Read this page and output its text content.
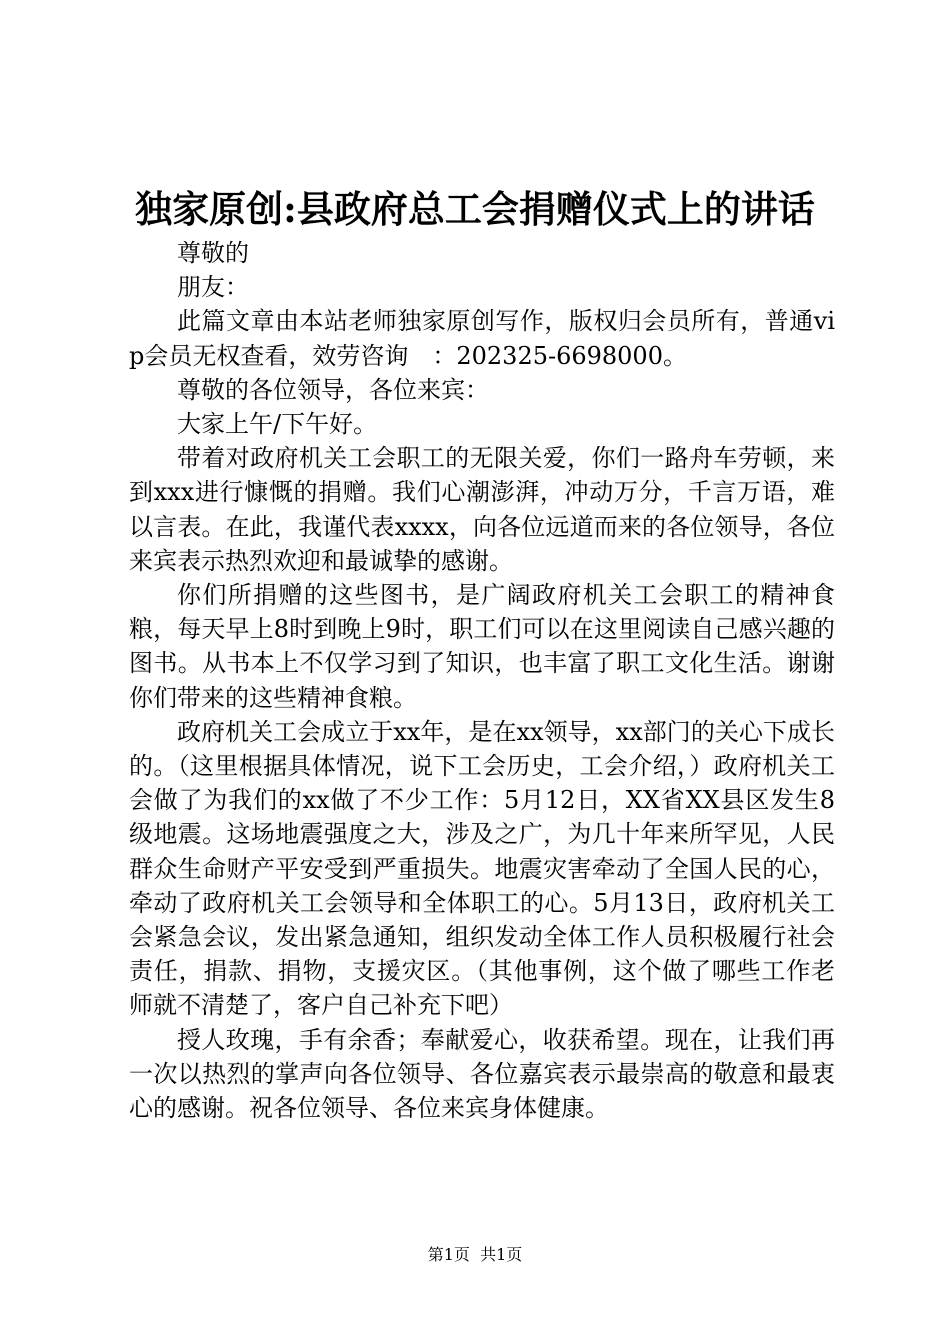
独家原创:县政府总工会捐赠仪式上的讲话

尊敬的

朋友：

此篇文章由本站老师独家原创写作，版权归会员所有，普通vip会员无权查看，效劳咨询　：202325-6698000。

尊敬的各位领导，各位来宾：

大家上午/下午好。

带着对政府机关工会职工的无限关爱，你们一路舟车劳顿，来到xxx进行慷慨的捐赠。我们心潮澎湃，冲动万分，千言万语，难以言表。在此，我谨代表xxxx，向各位远道而来的各位领导，各位来宾表示热烈欢迎和最诚挚的感谢。

你们所捐赠的这些图书，是广阔政府机关工会职工的精神食粮，每天早上8时到晚上9时，职工们可以在这里阅读自己感兴趣的图书。从书本上不仅学习到了知识，也丰富了职工文化生活。谢谢你们带来的这些精神食粮。

政府机关工会成立于xx年，是在xx领导，xx部门的关心下成长的。（这里根据具体情况，说下工会历史，工会介绍，）政府机关工会做了为我们的xx做了不少工作：5月12日，XX省XX县区发生8级地震。这场地震强度之大，涉及之广，为几十年来所罕见，人民群众生命财产平安受到严重损失。地震灾害牵动了全国人民的心，牵动了政府机关工会领导和全体职工的心。5月13日，政府机关工会紧急会议，发出紧急通知，组织发动全体工作人员积极履行社会责任，捐款、捐物，支援灾区。（其他事例，这个做了哪些工作老师就不清楚了，客户自己补充下吧）

授人玫瑰，手有余香；奉献爱心，收获希望。现在，让我们再一次以热烈的掌声向各位领导、各位嘉宾表示最崇高的敬意和最衷心的感谢。祝各位领导、各位来宾身体健康。

第1页 共1页
